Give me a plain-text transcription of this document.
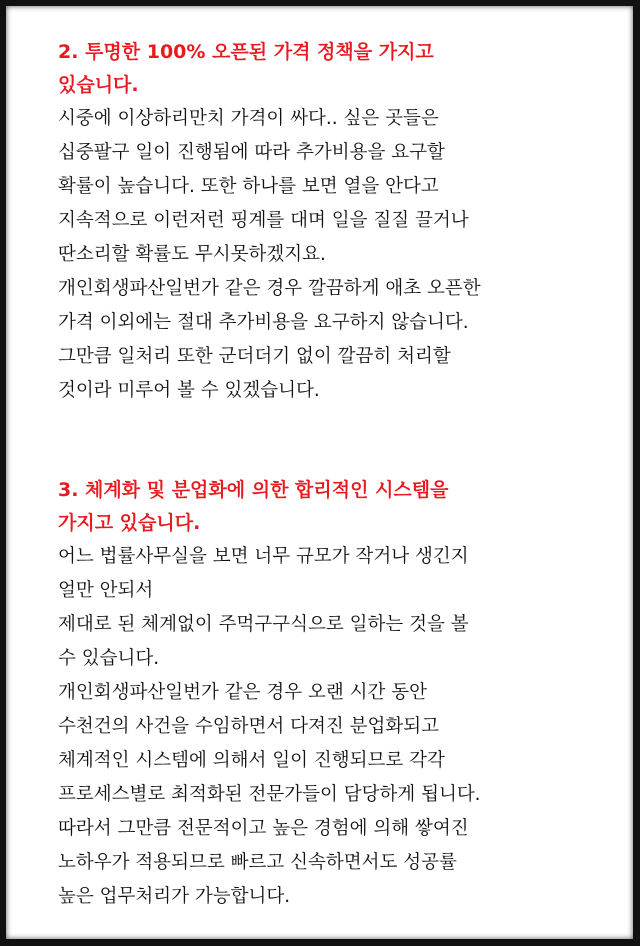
2. 투명한 100% 오픈된 가격 정책을 가지고
있습니다.
시중에 이상하리만치 가격이 싸다.. 싶은 곳들은
십중팔구 일이 진행됨에 따라 추가비용을 요구할
확률이 높습니다. 또한 하나를 보면 열을 안다고
지속적으로 이런저런 핑계를 대며 일을 질질 끌거나
딴소리할 확률도 무시못하겠지요.
개인회생파산일번가 같은 경우 깔끔하게 애초 오픈한
가격 이외에는 절대 추가비용을 요구하지 않습니다.
그만큼 일처리 또한 군더더기 없이 깔끔히 처리할
것이라 미루어 볼 수 있겠습니다.
3. 체계화 및 분업화에 의한 합리적인 시스템을
가지고 있습니다.
어느 법률사무실을 보면 너무 규모가 작거나 생긴지
얼만 안되서
제대로 된 체계없이 주먹구구식으로 일하는 것을 볼
수 있습니다.
개인회생파산일번가 같은 경우 오랜 시간 동안
수천건의 사건을 수임하면서 다져진 분업화되고
체계적인 시스템에 의해서 일이 진행되므로 각각
프로세스별로 최적화된 전문가들이 담당하게 됩니다.
따라서 그만큼 전문적이고 높은 경험에 의해 쌓여진
노하우가 적용되므로 빠르고 신속하면서도 성공률
높은 업무처리가 가능합니다.
